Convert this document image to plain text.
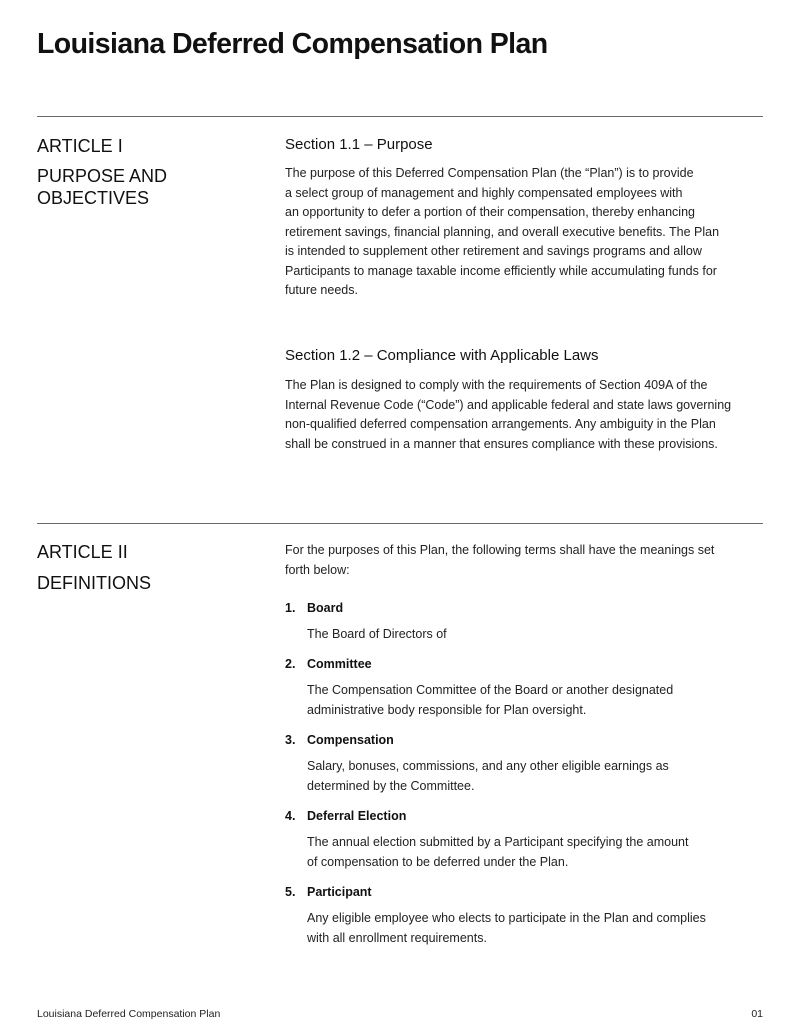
Louisiana Deferred Compensation Plan
ARTICLE I
PURPOSE AND
OBJECTIVES
Section 1.1 – Purpose

The purpose of this Deferred Compensation Plan (the “Plan”) is to provide
a select group of management and highly compensated employees with
an opportunity to defer a portion of their compensation, thereby enhancing
retirement savings, financial planning, and overall executive benefits. The Plan
is intended to supplement other retirement and savings programs and allow
Participants to manage taxable income efficiently while accumulating funds for
future needs.

Section 1.2 – Compliance with Applicable Laws

The Plan is designed to comply with the requirements of Section 409A of the
Internal Revenue Code (“Code”) and applicable federal and state laws governing
non-qualified deferred compensation arrangements. Any ambiguity in the Plan
shall be construed in a manner that ensures compliance with these provisions.

ARTICLE II
DEFINITIONS

For the purposes of this Plan, the following terms shall have the meanings set
forth below:

1. Board
The Board of Directors of
2. Committee
The Compensation Committee of the Board or another designated
administrative body responsible for Plan oversight.
3. Compensation
Salary, bonuses, commissions, and any other eligible earnings as
determined by the Committee.
4. Deferral Election
The annual election submitted by a Participant specifying the amount
of compensation to be deferred under the Plan.
5. Participant
Any eligible employee who elects to participate in the Plan and complies
with all enrollment requirements.
Louisiana Deferred Compensation Plan	01
